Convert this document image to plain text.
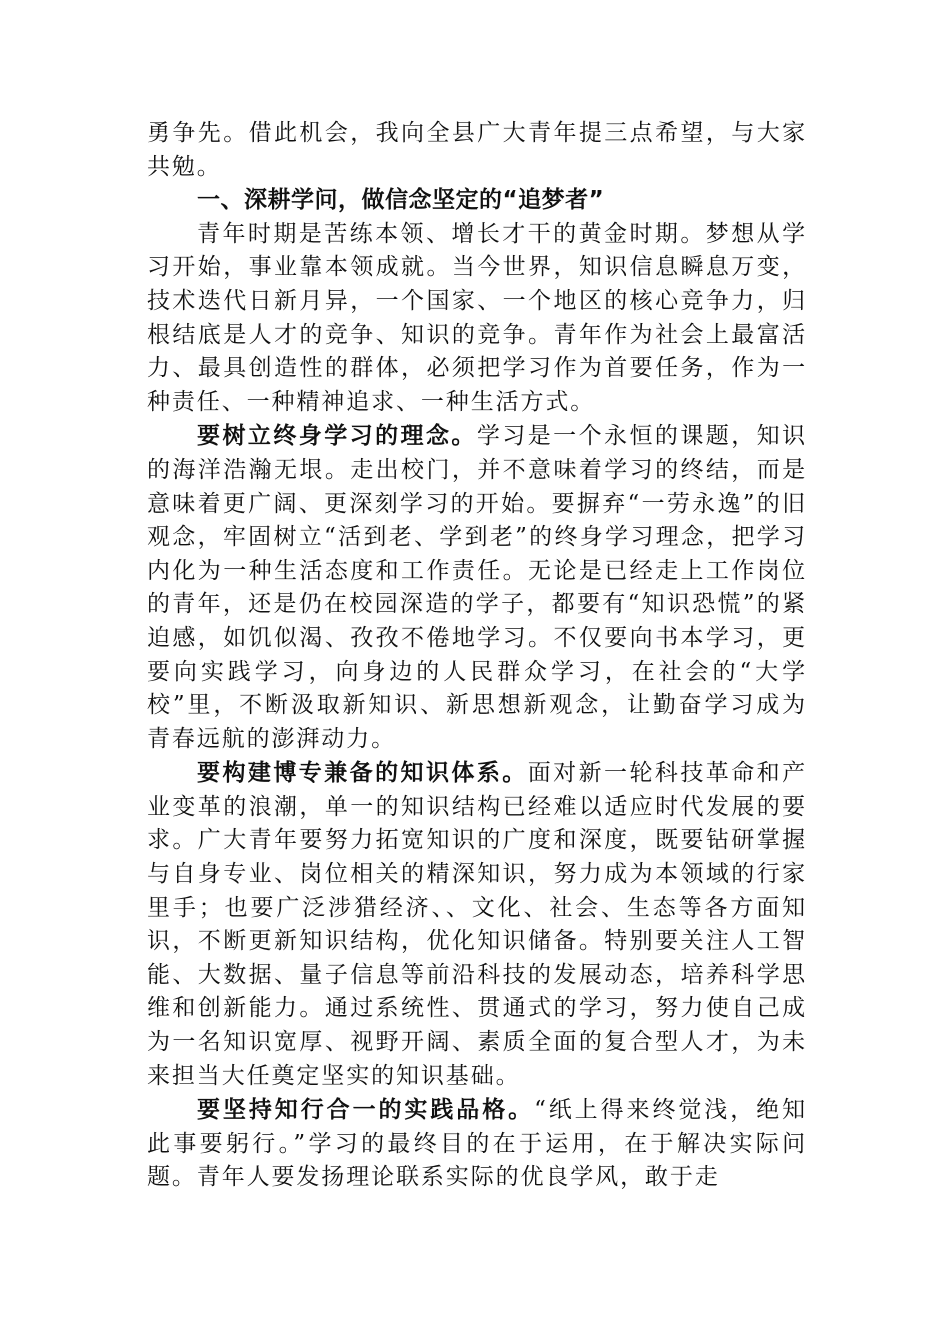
勇争先。借此机会，我向全县广大青年提三点希望，与大家共勉。

一、深耕学问，做信念坚定的“追梦者”

青年时期是苦练本领、增长才干的黄金时期。梦想从学习开始，事业靠本领成就。当今世界，知识信息瞬息万变，技术迭代日新月异，一个国家、一个地区的核心竞争力，归根结底是人才的竞争、知识的竞争。青年作为社会上最富活力、最具创造性的群体，必须把学习作为首要任务，作为一种责任、一种精神追求、一种生活方式。

要树立终身学习的理念。学习是一个永恒的课题，知识的海洋浩瀚无垠。走出校门，并不意味着学习的终结，而是意味着更广阔、更深刻学习的开始。要摒弃“一劳永逸”的旧观念，牢固树立“活到老、学到老”的终身学习理念，把学习内化为一种生活态度和工作责任。无论是已经走上工作岗位的青年，还是仍在校园深造的学子，都要有“知识恐慌”的紧迫感，如饥似渴、孜孜不倦地学习。不仅要向书本学习，更要向实践学习，向身边的人民群众学习，在社会的“大学校”里，不断汲取新知识、新思想新观念，让勤奋学习成为青春远航的澎湃动力。

要构建博专兼备的知识体系。面对新一轮科技革命和产业变革的浪潮，单一的知识结构已经难以适应时代发展的要求。广大青年要努力拓宽知识的广度和深度，既要钻研掌握与自身专业、岗位相关的精深知识，努力成为本领域的行家里手；也要广泛涉猎经济、、文化、社会、生态等各方面知识，不断更新知识结构，优化知识储备。特别要关注人工智能、大数据、量子信息等前沿科技的发展动态，培养科学思维和创新能力。通过系统性、贯通式的学习，努力使自己成为一名知识宽厚、视野开阔、素质全面的复合型人才，为未来担当大任奠定坚实的知识基础。

要坚持知行合一的实践品格。“纸上得来终觉浅，绝知此事要躬行。”学习的最终目的在于运用，在于解决实际问题。青年人要发扬理论联系实际的优良学风，敢于走
